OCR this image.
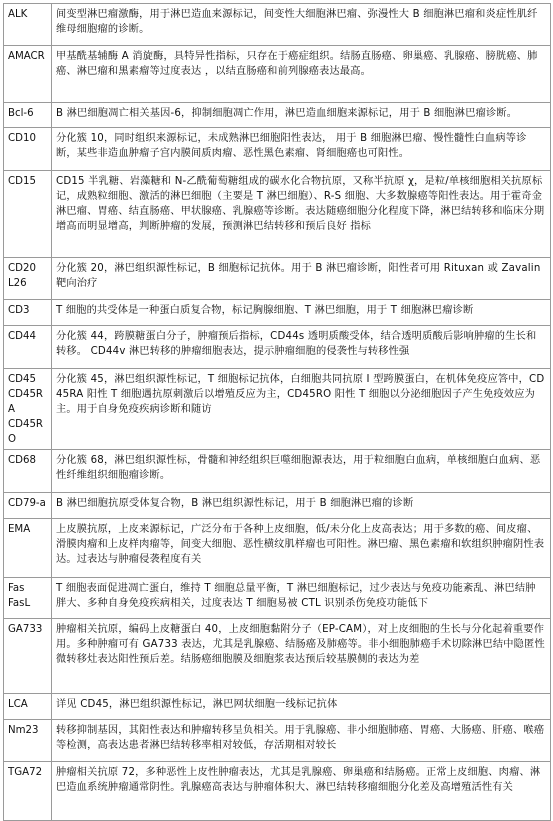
ALK	间变型淋巴瘤激酶，用于淋巴造血来源标记，间变性大细胞淋巴瘤、弥漫性大 B 细胞淋巴瘤和炎症性肌纤维母细胞瘤的诊断。
AMACR	甲基酰基辅酶 A 消旋酶，具特异性指标，只存在于癌症组织。结肠直肠癌、卵巢癌、乳腺癌、膀胱癌、肺癌、淋巴瘤和黑素瘤等过度表达 ，以结直肠癌和前列腺癌表达最高。
Bcl-6	B 淋巴细胞凋亡相关基因-6，抑制细胞凋亡作用，淋巴造血细胞来源标记，用于 B 细胞淋巴瘤诊断。
CD10	分化簇 10，同时组织来源标记，未成熟淋巴细胞阳性表达， 用于 B 细胞淋巴瘤、慢性髓性白血病等诊断，某些非造血肿瘤子宫内膜间质肉瘤、恶性黑色素瘤、肾细胞癌也可阳性。
CD15	CD15 半乳糖、岩藻糖和 N-乙酰葡萄糖组成的碳水化合物抗原，又称半抗原 χ，是粒/单核细胞相关抗原标记，成熟粒细胞、激活的淋巴细胞（主要是 T 淋巴细胞）、R-S 细胞、大多数腺癌等阳性表达。用于霍奇金淋巴瘤、胃癌、结直肠癌、甲状腺癌、乳腺癌等诊断。表达随癌细胞分化程度下降，淋巴结转移和临床分期增高而明显增高，判断肿瘤的发展，预测淋巴结转移和预后良好 指标
CD20
L26	分化簇 20，淋巴组织源性标记，B 细胞标记抗体。用于 B 淋巴瘤诊断，阳性者可用 Rituxan 或 Zavalin 靶向治疗
CD3	T 细胞的共受体是一种蛋白质复合物，标记胸腺细胞、T 淋巴细胞，用于 T 细胞淋巴瘤诊断
CD44	分化簇 44，跨膜糖蛋白分子，肿瘤预后指标，CD44s 透明质酸受体，结合透明质酸后影响肿瘤的生长和转移。 CD44v 淋巴转移的肿瘤细胞表达，提示肿瘤细胞的侵袭性与转移性强
CD45
CD45RA
CD45RO	分化簇 45，淋巴组织源性标记，T 细胞标记抗体，白细胞共同抗原 I 型跨膜蛋白，在机体免疫应答中，CD45RA 阳性 T 细胞遇抗原刺激后以增殖反应为主，CD45RO 阳性 T 细胞以分泌细胞因子产生免疫效应为主。用于自身免疫疾病诊断和随访
CD68	分化簇 68，淋巴组织源性标，骨髓和神经组织巨噬细胞源表达，用于粒细胞白血病，单核细胞白血病、恶性纤维组织细胞瘤诊断。
CD79-a	B 淋巴细胞抗原受体复合物，B 淋巴组织源性标记，用于 B 细胞淋巴瘤的诊断
EMA	上皮膜抗原，上皮来源标记，广泛分布于各种上皮细胞，低/未分化上皮高表达；用于多数的癌、间皮瘤、滑膜肉瘤和上皮样肉瘤等，间变大细胞、恶性横纹肌样瘤也可阳性。淋巴瘤、黑色素瘤和软组织肿瘤阴性表达。过表达与肿瘤侵袭程度有关
Fas
FasL	T 细胞表面促进凋亡蛋白，维持 T 细胞总量平衡，T 淋巴细胞标记，过少表达与免疫功能紊乱、淋巴结肿胖大、多种自身免疫疾病相关，过度表达 T 细胞易被 CTL 识别杀伤免疫功能低下
GA733	肿瘤相关抗原，编码上皮糖蛋白 40，上皮细胞黏附分子（EP-CAM），对上皮细胞的生长与分化起着重要作用。多种肿瘤可有 GA733 表达，尤其是乳腺癌、结肠癌及肺癌等。非小细胞肺癌手术切除淋巴结中隐匿性微转移灶表达阳性预后差。结肠癌细胞膜及细胞浆表达预后较基膜侧的表达为差
LCA	详见 CD45，淋巴组织源性标记，淋巴网状细胞一线标记抗体
Nm23	转移抑制基因，其阳性表达和肿瘤转移呈负相关。用于乳腺癌、非小细胞肺癌、胃癌、大肠癌、肝癌、喉癌等检测，高表达患者淋巴结转移率相对较低，存活期相对较长
TGA72	肿瘤相关抗原 72，多种恶性上皮性肿瘤表达，尤其是乳腺癌、卵巢癌和结肠癌。正常上皮细胞、肉瘤、淋巴造血系统肿瘤通常阴性。乳腺癌高表达与肿瘤体积大、淋巴结转移瘤细胞分化差及高增殖活性有关
